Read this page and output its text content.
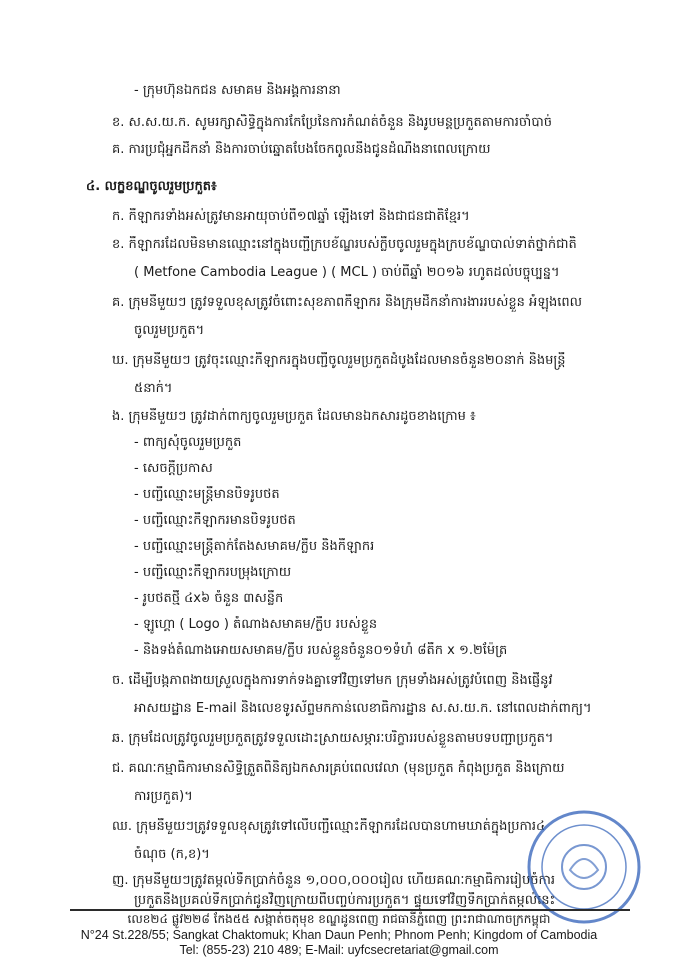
- ក្រុមហ៊ុនឯកជន សមាគម និងអង្គការនានា
ខ. ស.ស.យ.ក. សូមរក្សាសិទ្ធិក្នុងការកែប្រែនៃការកំណត់ចំនួន និងរូបមន្តប្រកួតតាមការចាំបាច់
គ. ការប្រជុំអ្នកដឹកនាំ និងការចាប់ឆ្នោតបែងចែកពូលនឹងជូនដំណឹងនាពេលក្រោយ
៤. លក្ខខណ្ឌចូលរួមប្រកួត៖
ក. កីឡាករទាំងអស់ត្រូវមានអាយុចាប់ពី១៧ឆ្នាំ ឡើងទៅ និងជាជនជាតិខ្មែរ។
ខ. កីឡាករដែលមិនមានឈ្មោះនៅក្នុងបញ្ជីក្របខ័ណ្ឌរបស់ក្លឹបចូលរួមក្នុងក្របខ័ណ្ឌបាល់ទាត់ថ្នាក់ជាតិ
( Metfone Cambodia League ) ( MCL ) ចាប់ពីឆ្នាំ ២០១៦ រហូតដល់បច្ចុប្បន្ន។
គ. ក្រុមនីមួយៗ ត្រូវទទួលខុសត្រូវចំពោះសុខភាពកីឡាករ និងក្រុមដឹកនាំការងាររបស់ខ្លួន អំឡុងពេល
ចូលរួមប្រកួត។
ឃ. ក្រុមនីមួយៗ ត្រូវចុះឈ្មោះកីឡាករក្នុងបញ្ជីចូលរួមប្រកួតដំបូងដែលមានចំនួន២០នាក់ និងមន្ត្រី
៥នាក់។
ង. ក្រុមនីមួយៗ ត្រូវដាក់ពាក្យចូលរួមប្រកួត ដែលមានឯកសារដូចខាងក្រោម ៖
- ពាក្យសុំចូលរួមប្រកួត
- សេចក្តីប្រកាស
- បញ្ជីឈ្មោះមន្ត្រីមានបិទរូបថត
- បញ្ជីឈ្មោះកីឡាករមានបិទរូបថត
- បញ្ជីឈ្មោះមន្ត្រីតាក់តែងសមាគម/ក្លឹប និងកីឡាករ
- បញ្ជីឈ្មោះកីឡាករបម្រុងក្រោយ
- រូបថតថ្មី ៤x៦ ចំនួន ៣សន្លឹក
- ឡូហ្គោ ( Logo ) តំណាងសមាគម/ក្លឹប របស់ខ្លួន
- និងទង់តំណាងអោយសមាគម/ក្លឹប របស់ខ្លួនចំនួន០១ទំហំ ៨តឹក x ១.២ម៉ែត្រ
ច. ដើម្បីបង្កភាពងាយស្រួលក្នុងការទាក់ទងគ្នាទៅវិញទៅមក ក្រុមទាំងអស់ត្រូវបំពេញ និងផ្ញើនូវ
អាសយដ្ឋាន E-mail និងលេខទូរស័ព្ទមកកាន់លេខាធិការដ្ឋាន ស.ស.យ.ក. នៅពេលដាក់ពាក្យ។
ឆ. ក្រុមដែលត្រូវចូលរួមប្រកួតត្រូវទទួលដោះស្រាយសម្ភារៈបរិក្ខាររបស់ខ្លួនតាមបទបញ្ជាប្រកួត។
ជ. គណៈកម្មាធិការមានសិទ្ធិត្រួតពិនិត្យឯកសារគ្រប់ពេលវេលា (មុនប្រកួត កំពុងប្រកួត និងក្រោយ
ការប្រកួត)។
ឈ. ក្រុមនីមួយៗត្រូវទទួលខុសត្រូវទៅលើបញ្ជីឈ្មោះកីឡាករដែលបានហាមឃាត់ក្នុងប្រការ៤
ចំណុច (ក,ខ)។
ញ. ក្រុមនីមួយៗត្រូវតម្កល់ទឹកប្រាក់ចំនួន ១,០០០,០០០រៀល ហើយគណៈកម្មាធិការរៀបចំការ
ប្រកួតនឹងប្រគល់ទឹកប្រាក់ជូនវិញក្រោយពីបញ្ចប់ការប្រកួត។ ផ្ទុយទៅវិញទឹកប្រាក់តម្កល់នេះ
លេខ២៤ ផ្លូវ២២៨ កែង៥៥ សង្កាត់ចតុមុខ ខណ្ឌដូនពេញ រាជធានីភ្នំពេញ ព្រះរាជាណាចក្រកម្ពុជា
N°24 St.228/55; Sangkat Chaktomuk; Khan Daun Penh; Phnom Penh; Kingdom of Cambodia
Tel: (855-23) 210 489; E-Mail: uyfcsecretariat@gmail.com
